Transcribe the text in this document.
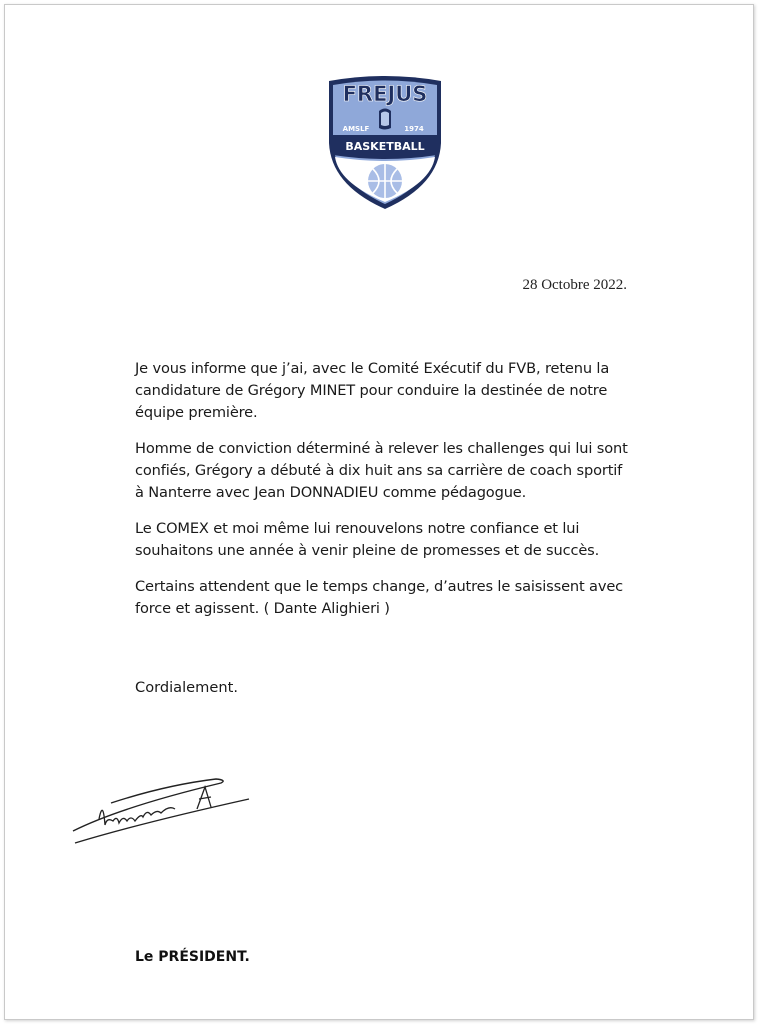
FREJUS
AMSLF	1974
BASKETBALL
28 Octobre 2022.

Je vous informe que j’ai, avec le Comité Exécutif du FVB, retenu la candidature de Grégory MINET pour conduire la destinée de notre équipe première.

Homme de conviction déterminé à relever les challenges qui lui sont confiés, Grégory a débuté à dix huit ans sa carrière de coach sportif à Nanterre avec Jean DONNADIEU comme pédagogue.

Le COMEX et moi même lui renouvelons notre confiance et lui souhaitons une année à venir pleine de promesses et de succès.

Certains attendent que le temps change, d’autres le saisissent avec force et agissent. ( Dante Alighieri )

Cordialement.
Le PRÉSIDENT.
